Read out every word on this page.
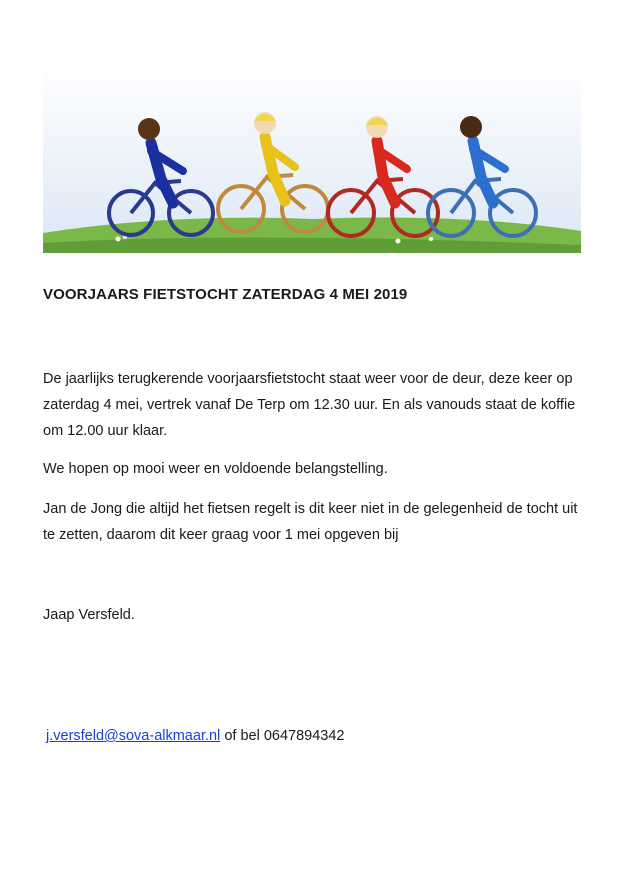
VOORJAARS FIETSTOCHT ZATERDAG 4 MEI 2019

De jaarlijks terugkerende voorjaarsfietstocht staat weer voor de deur, deze keer op zaterdag 4 mei, vertrek vanaf De Terp om 12.30 uur. En als vanouds staat de koffie om 12.00 uur klaar.

We hopen op mooi weer en voldoende belangstelling.

Jan de Jong die altijd het fietsen regelt is dit keer niet in de gelegenheid de tocht uit te zetten, daarom dit keer graag voor 1 mei opgeven bij

Jaap Versfeld.

j.versfeld@sova-alkmaar.nl of bel 0647894342
